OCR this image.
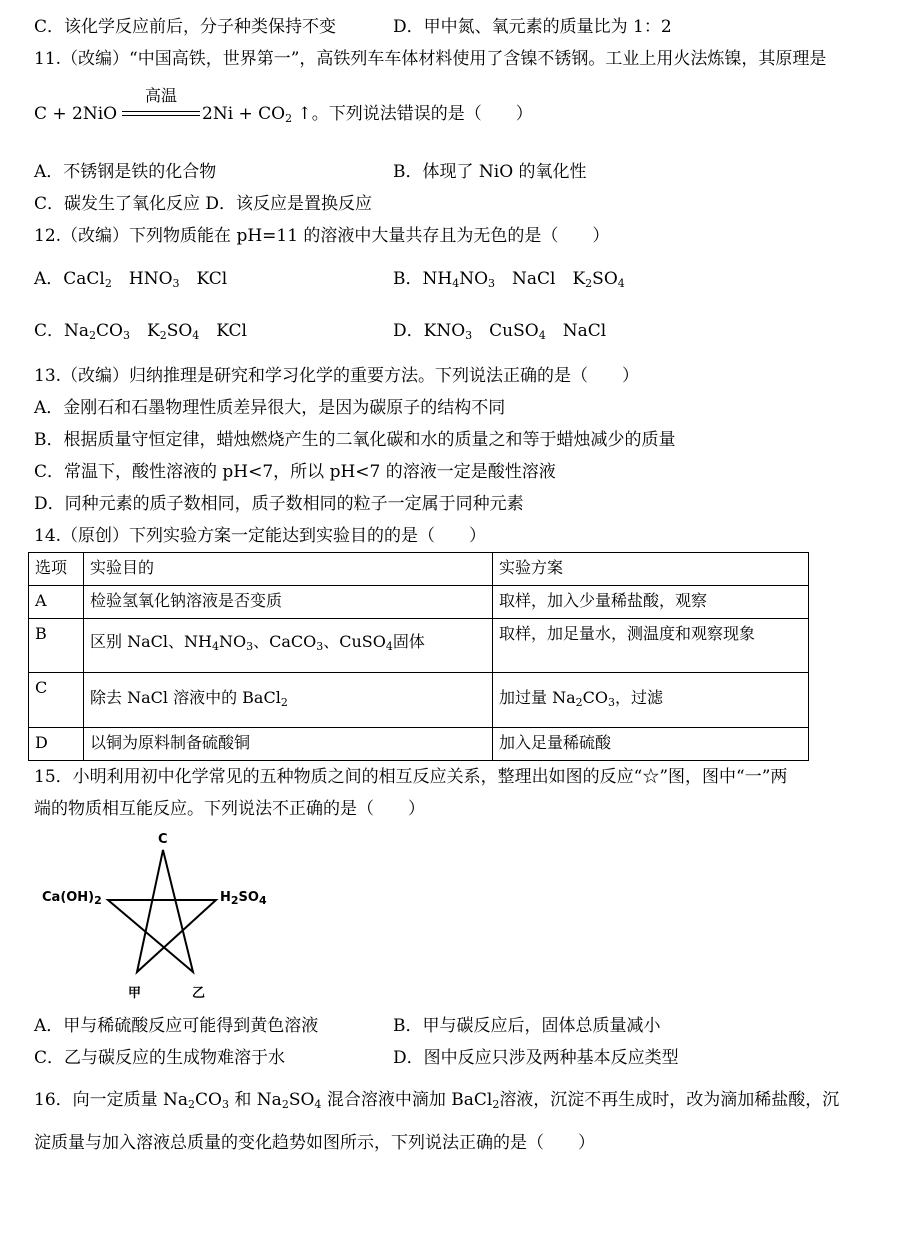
C．该化学反应前后，分子种类保持不变	D．甲中氮、氧元素的质量比为 1：2
11.（改编）“中国高铁，世界第一”，高铁列车车体材料使用了含镍不锈钢。工业上用火法炼镍，其原理是
C + 2NiO
高温
$2Ni + CO_2$ ↑。下列说法错误的是（　　）
A．不锈钢是铁的化合物	B．体现了 NiO 的氧化性
C．碳发生了氧化反应 D．该反应是置换反应
12.（改编）下列物质能在 pH=11 的溶液中大量共存且为无色的是（　　）
A．CaCl$_2$　$HNO_3$　KCl	B．$NH_4NO_3$　NaCl　$K_2SO_4$
C．$Na_2CO_3$　$K_2SO_4$　KCl	D．$KNO_3$　CuSO$_4$　NaCl
13.（改编）归纳推理是研究和学习化学的重要方法。下列说法正确的是（　　）
A．金刚石和石墨物理性质差异很大，是因为碳原子的结构不同
B．根据质量守恒定律，蜡烛燃烧产生的二氧化碳和水的质量之和等于蜡烛减少的质量
C．常温下，酸性溶液的 pH<7，所以 pH<7 的溶液一定是酸性溶液
D．同种元素的质子数相同，质子数相同的粒子一定属于同种元素
14.（原创）下列实验方案一定能达到实验目的的是（　　）
选项	实验目的	实验方案
A	检验氢氧化钠溶液是否变质	取样，加入少量稀盐酸，观察
B	区别 NaCl、$NH_4NO_3$、CaCO$_3$、CuSO$_4$固体	取样，加足量水，测温度和观察现象
C	除去 NaCl 溶液中的 BaCl$_2$	加过量 $Na_2CO_3$，过滤
D	以铜为原料制备硫酸铜	加入足量稀硫酸
15．小明利用初中化学常见的五种物质之间的相互反应关系，整理出如图的反应“☆”图，图中“一”两
端的物质相互能反应。下列说法不正确的是（　　）
C
$Ca(OH)_2$	$H_2SO_4$
甲	乙
A．甲与稀硫酸反应可能得到黄色溶液	B．甲与碳反应后，固体总质量减小
C．乙与碳反应的生成物难溶于水	D．图中反应只涉及两种基本反应类型
16．向一定质量 $Na_2CO_3$ 和 $Na_2SO_4$ 混合溶液中滴加 BaCl$_2$溶液，沉淀不再生成时，改为滴加稀盐酸，沉
淀质量与加入溶液总质量的变化趋势如图所示，下列说法正确的是（　　）
